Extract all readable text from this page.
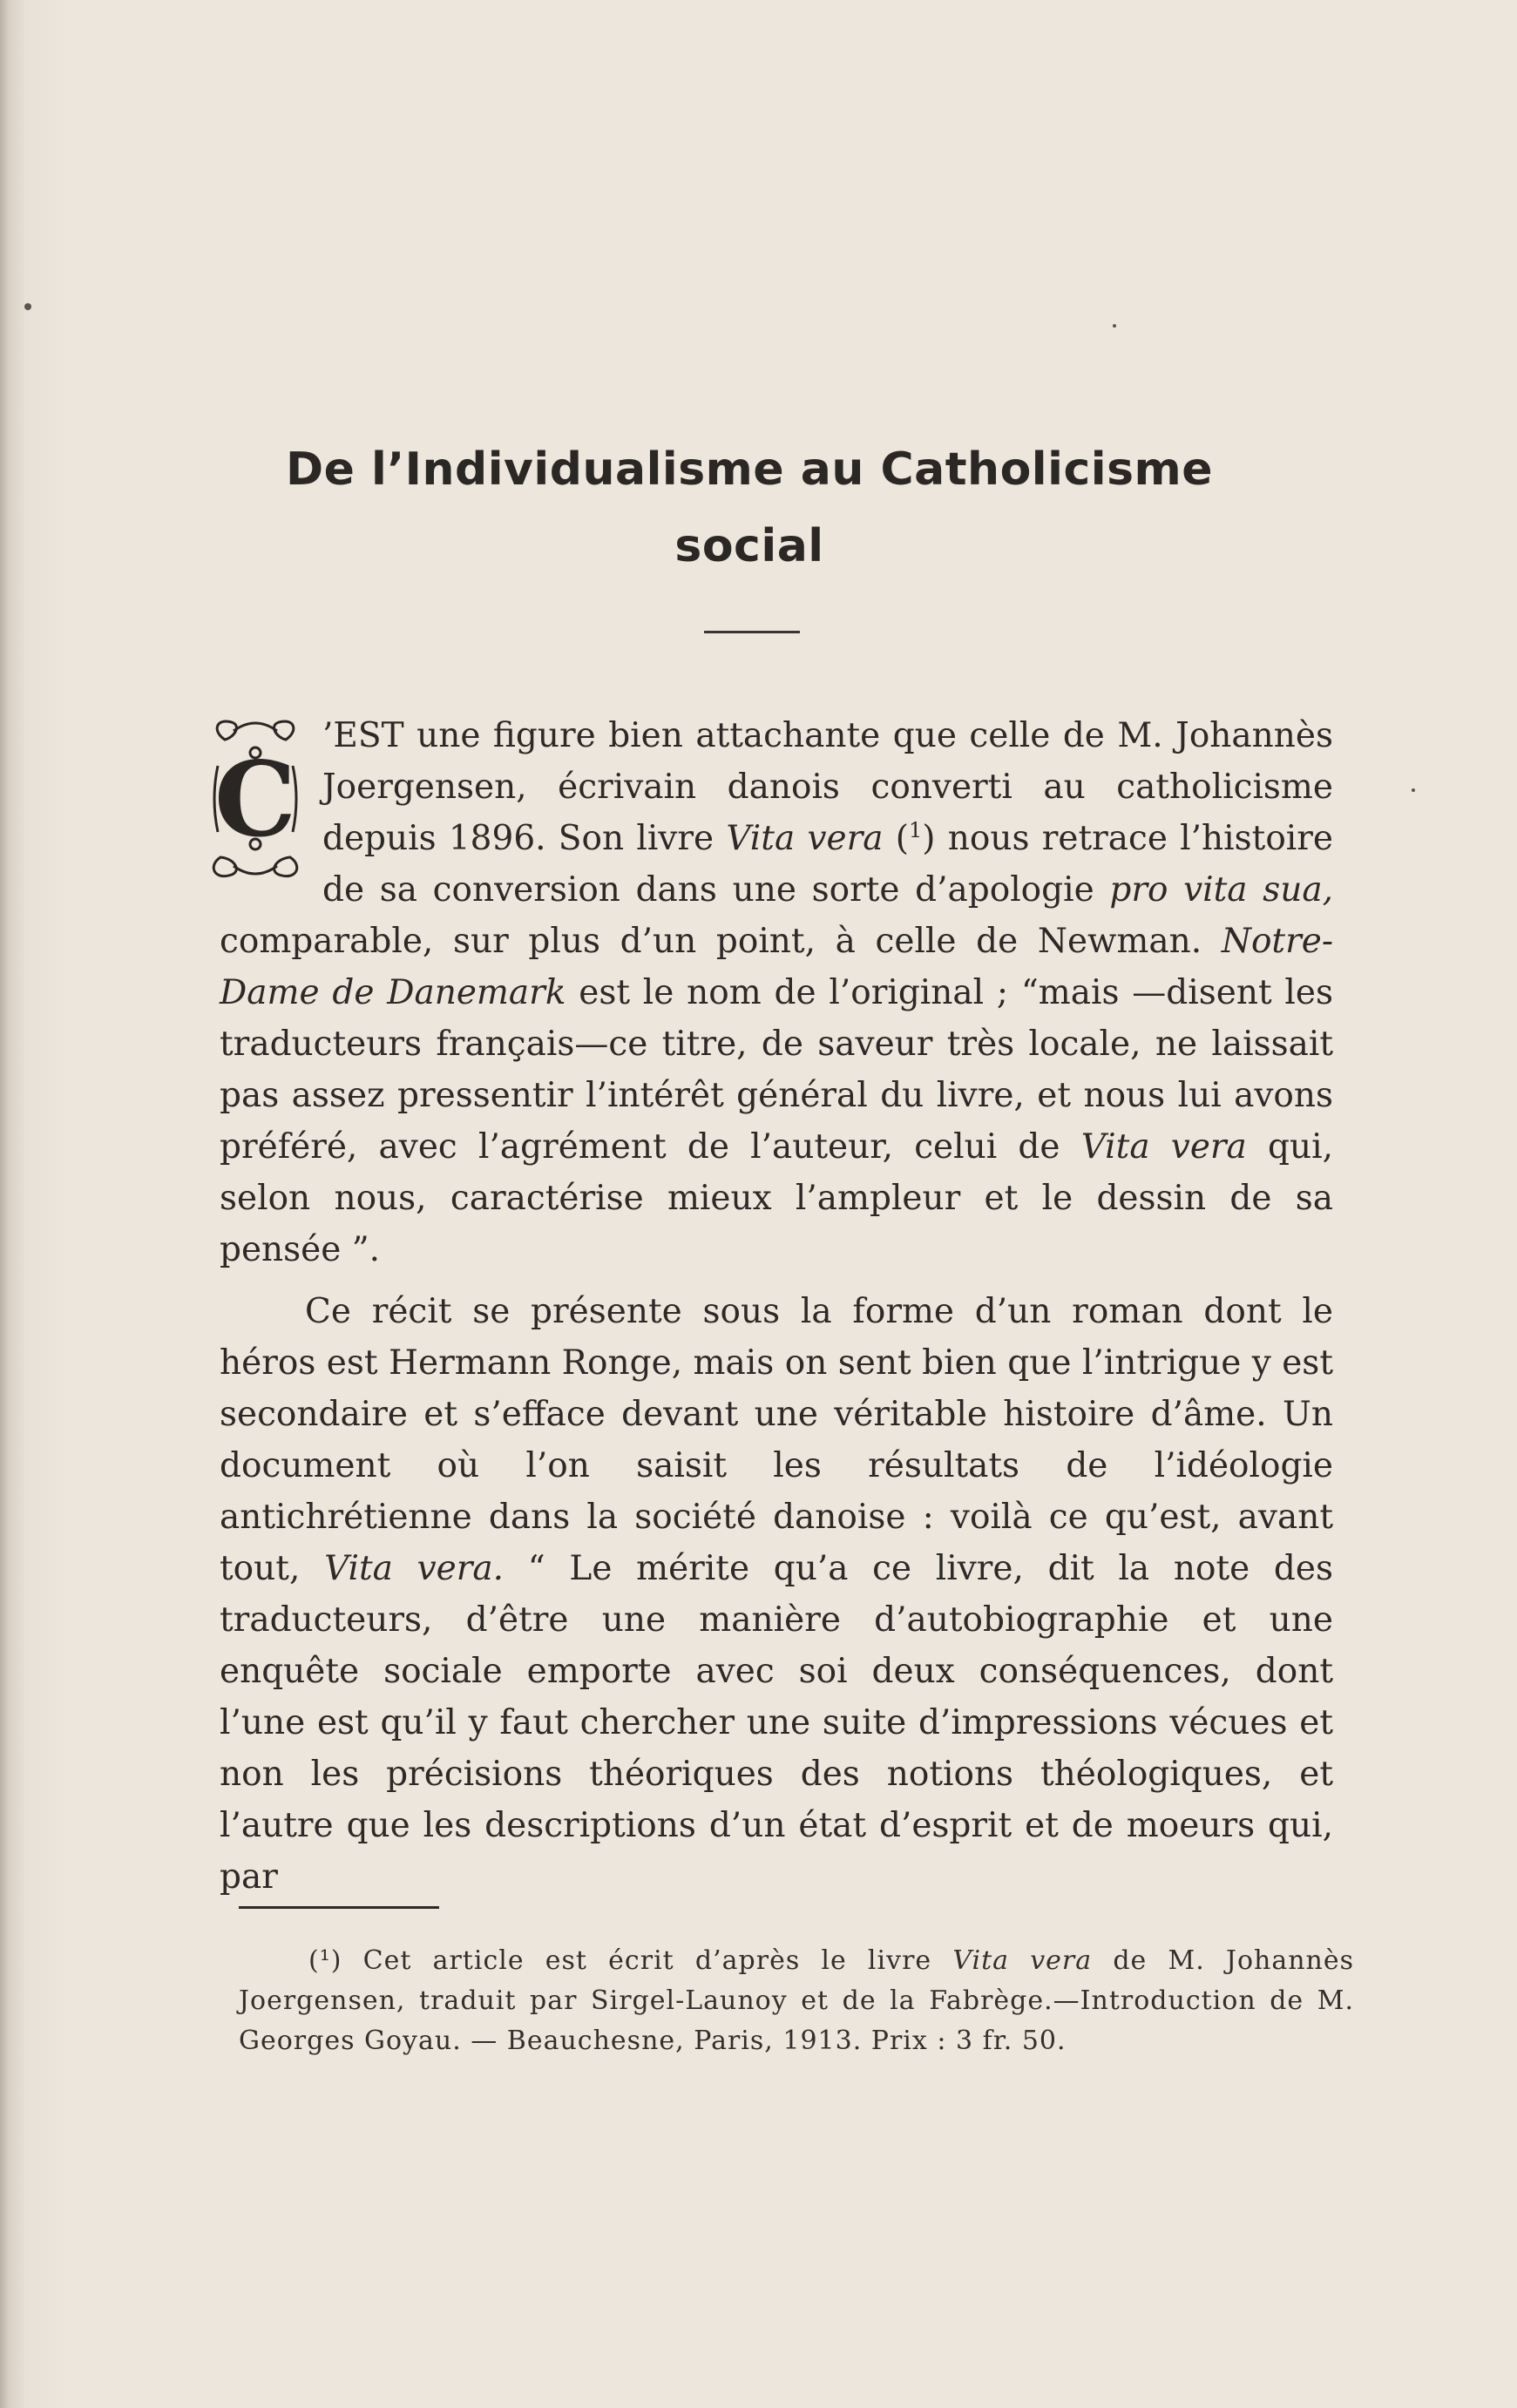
De l’Individualisme au Catholicisme
social

C
’EST une figure bien attachante que celle de M. Johannès Joergensen, écrivain danois converti au catholicisme depuis 1896. Son livre Vita vera ($^1$) nous retrace l’histoire de sa conversion dans une sorte d’apologie pro vita sua, comparable, sur plus d’un point, à celle de Newman. Notre-Dame de Danemark est le nom de l’original ; “mais —disent les traducteurs français—ce titre, de saveur très locale, ne laissait pas assez pressentir l’intérêt général du livre, et nous lui avons préféré, avec l’agrément de l’auteur, celui de Vita vera qui, selon nous, caractérise mieux l’ampleur et le dessin de sa pensée ”.

Ce récit se présente sous la forme d’un roman dont le héros est Hermann Ronge, mais on sent bien que l’intrigue y est secondaire et s’efface devant une véritable histoire d’âme. Un document où l’on saisit les résultats de l’idéologie antichrétienne dans la société danoise : voilà ce qu’est, avant tout, Vita vera. “ Le mérite qu’a ce livre, dit la note des traducteurs, d’être une manière d’autobiographie et une enquête sociale emporte avec soi deux conséquences, dont l’une est qu’il y faut chercher une suite d’impressions vécues et non les précisions théoriques des notions théologiques, et l’autre que les descriptions d’un état d’esprit et de moeurs qui, par

(¹) Cet article est écrit d’après le livre Vita vera de M. Johannès Joergensen, traduit par Sirgel-Launoy et de la Fabrège.—Introduction de M. Georges Goyau. — Beauchesne, Paris, 1913. Prix : 3 fr. 50.
